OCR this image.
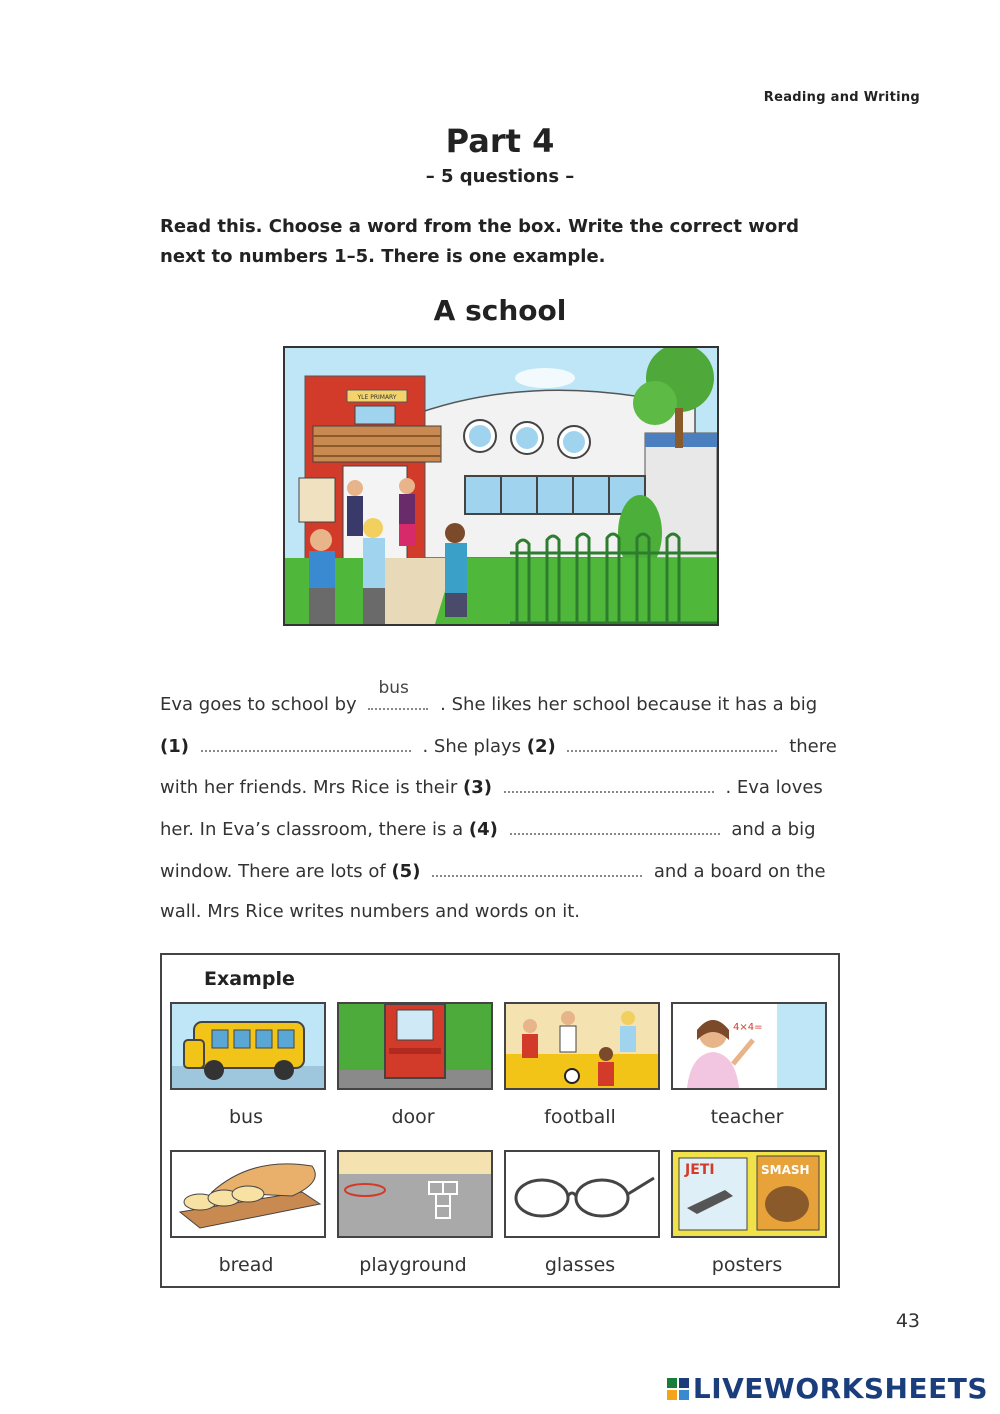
Reading and Writing
Part 4
– 5 questions –
Read this. Choose a word from the box. Write the correct word next to numbers 1–5. There is one example.
A school
YLE PRIMARY
Eva goes to school by
bus
. She likes her school because it has a big
(1)	. She plays (2)	there
with her friends. Mrs Rice is their (3)	. Eva loves
her. In Eva’s classroom, there is a (4)	and a big
window. There are lots of (5)	and a board on the
wall. Mrs Rice writes numbers and words on it.
Example
4×4=
bus	door	football	teacher
JETI	SMASH
bread	playground	glasses	posters
43
LIVEWORKSHEETS
